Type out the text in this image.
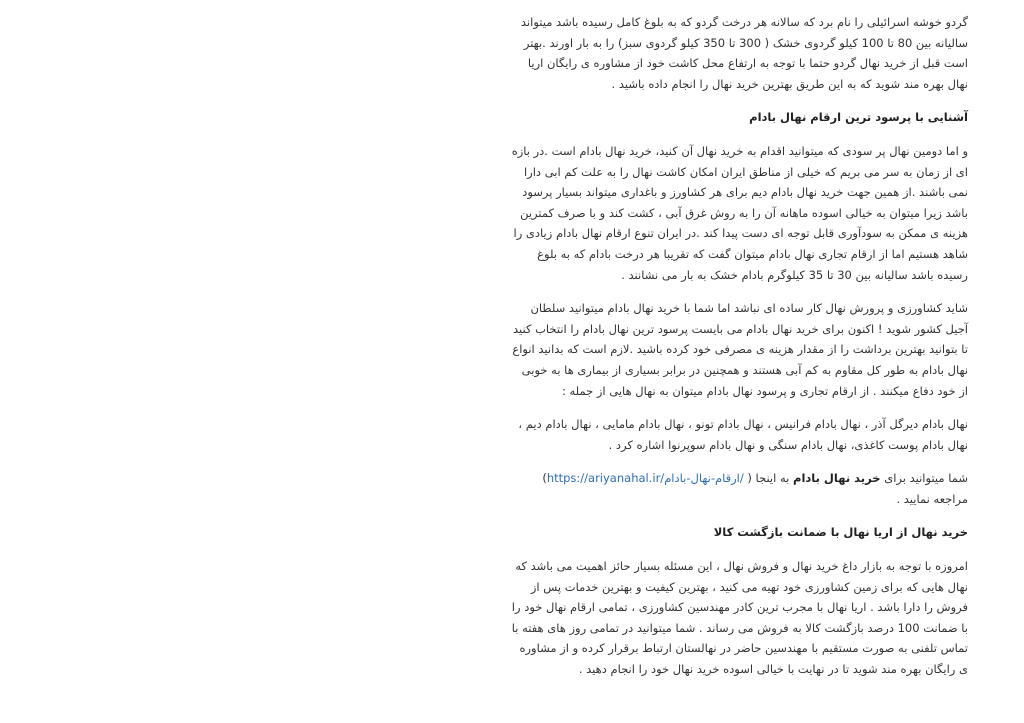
گردو خوشه اسرائیلی را نام برد که سالانه هر درخت گردو که به بلوغ کامل رسیده باشد میتواند سالیانه بین 80 تا 100 کیلو گردوی خشک ( 300 تا 350 کیلو گردوی سبز) را به بار اورند .بهتر است قبل از خرید نهال گردو حتما با توجه به ارتفاع محل کاشت خود از مشاوره ی رایگان اریا نهال بهره مند شوید که به این طریق بهترین خرید نهال را انجام داده باشید .

آشنایی با پرسود ترین ارقام نهال بادام

و اما دومین نهال پر سودی که میتوانید اقدام به خرید نهال آن کنید، خرید نهال بادام است .در بازه ای از زمان به سر می بریم که خیلی از مناطق ایران امکان کاشت نهال را به علت کم ابی دارا نمی باشند .از همین جهت خرید نهال بادام دیم برای هر کشاورز و باغداری میتواند بسیار پرسود باشد زیرا میتوان به خیالی اسوده ماهانه آن را به روش غرق آبی ، کشت کند و با صرف کمترین هزینه ی ممکن به سودآوری قابل توجه ای دست پیدا کند .در ایران تنوع ارقام نهال بادام زیادی را شاهد هستیم اما از ارقام تجاری نهال بادام میتوان گفت که تقریبا هر درخت بادام که به بلوغ رسیده باشد سالیانه بین 30 تا 35 کیلوگرم بادام خشک به بار می نشانند .

شاید کشاورزی و پرورش نهال کار ساده ای نباشد اما شما با خرید نهال بادام میتوانید سلطان آجیل کشور شوید ! اکنون برای خرید نهال بادام می بایست پرسود ترین نهال بادام را انتخاب کنید تا بتوانید بهترین برداشت را از مقدار هزینه ی مصرفی خود کرده باشید .لازم است که بدانید انواع نهال بادام به طور کل مقاوم به کم آبی هستند و همچنین در برابر بسیاری از بیماری ها به خوبی از خود دفاع میکنند . از ارقام تجاری و پرسود نهال بادام میتوان به نهال هایی از جمله :

نهال بادام دیرگل آذر ، نهال بادام فرانیس ، نهال بادام تونو ، نهال بادام مامایی ، نهال بادام دیم ، نهال بادام پوست کاغذی، نهال بادام سنگی و نهال بادام سوپرنوا اشاره کرد .

شما میتوانید برای خرید نهال بادام به اینجا ( https://ariyanahal.ir/ارقام-نهال-بادام/) مراجعه نمایید .

خرید نهال از اریا نهال با ضمانت بازگشت کالا

امروزه با توجه به بازار داغ خرید نهال و فروش نهال ، این مسئله بسیار حائز اهمیت می باشد که نهال هایی که برای زمین کشاورزی خود تهیه می کنید ، بهترین کیفیت و بهترین خدمات پس از فروش را دارا باشد . اریا نهال با مجرب ترین کادر مهندسین کشاورزی ، تمامی ارقام نهال خود را با ضمانت 100 درصد بازگشت کالا به فروش می رساند . شما میتوانید در تمامی روز های هفته با تماس تلفنی به صورت مستقیم با مهندسین حاضر در نهالستان ارتباط برقرار کرده و از مشاوره ی رایگان بهره مند شوید تا در نهایت با خیالی اسوده خرید نهال خود را انجام دهید .
